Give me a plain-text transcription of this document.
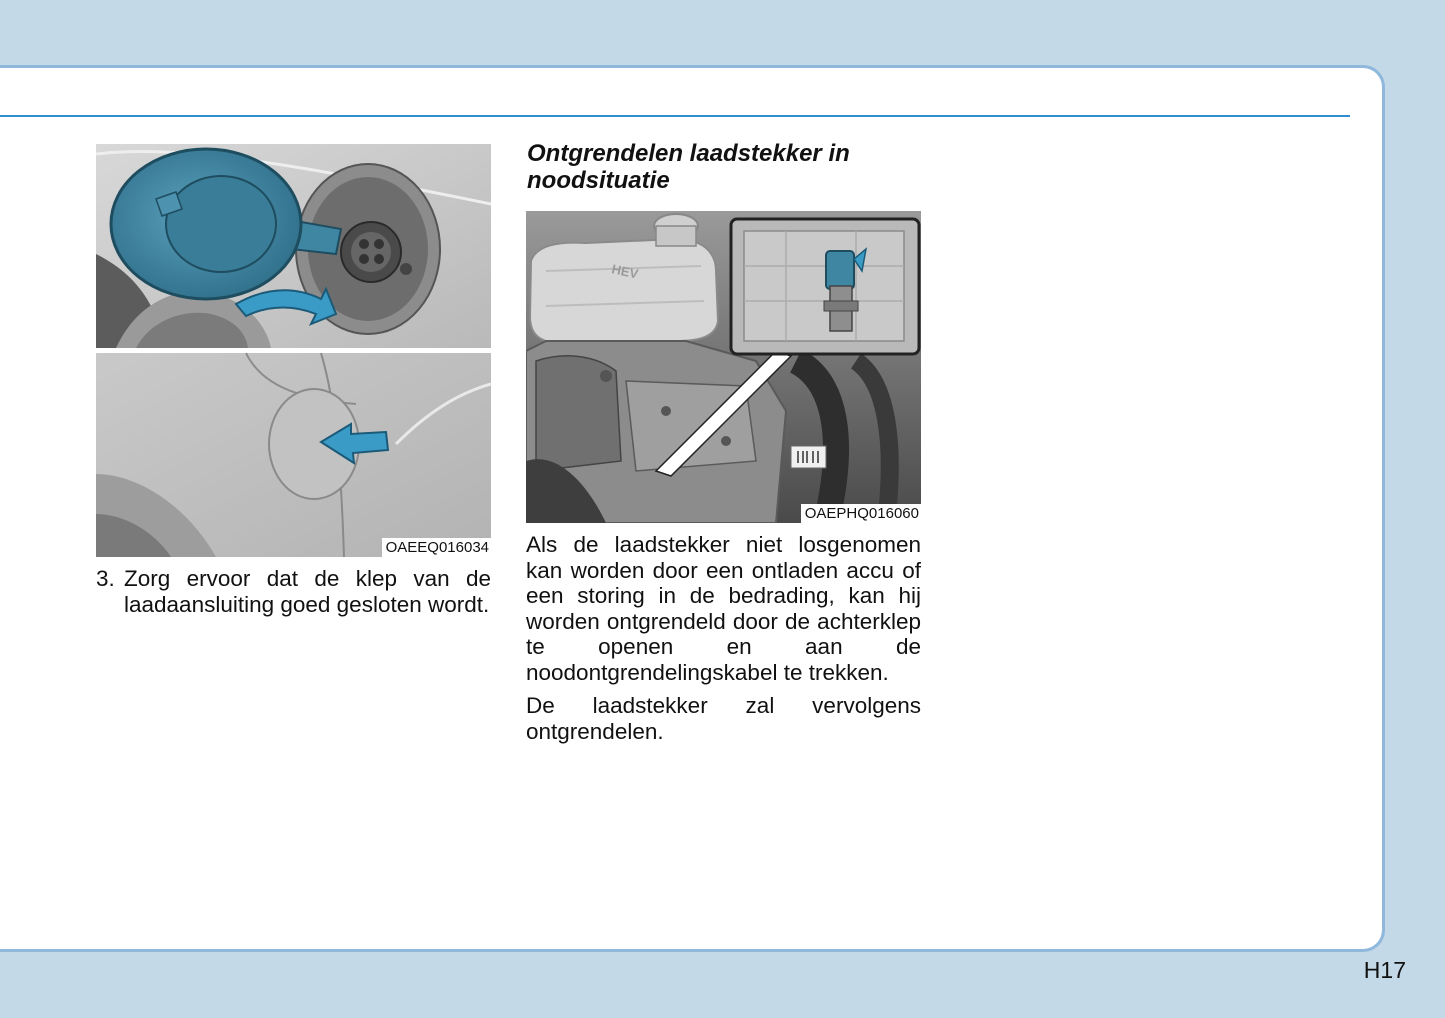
OAEEQ016034
3. Zorg ervoor dat de klep van de laadaansluiting goed gesloten wordt.
Ontgrendelen laadstekker in noodsituatie
HEV
OAEPHQ016060

Als de laadstekker niet losgenomen kan worden door een ontladen accu of een storing in de bedrading, kan hij worden ontgrendeld door de achterklep te openen en aan de noodontgrendelingskabel te trekken.

De laadstekker zal vervolgens ontgrendelen.

H17
